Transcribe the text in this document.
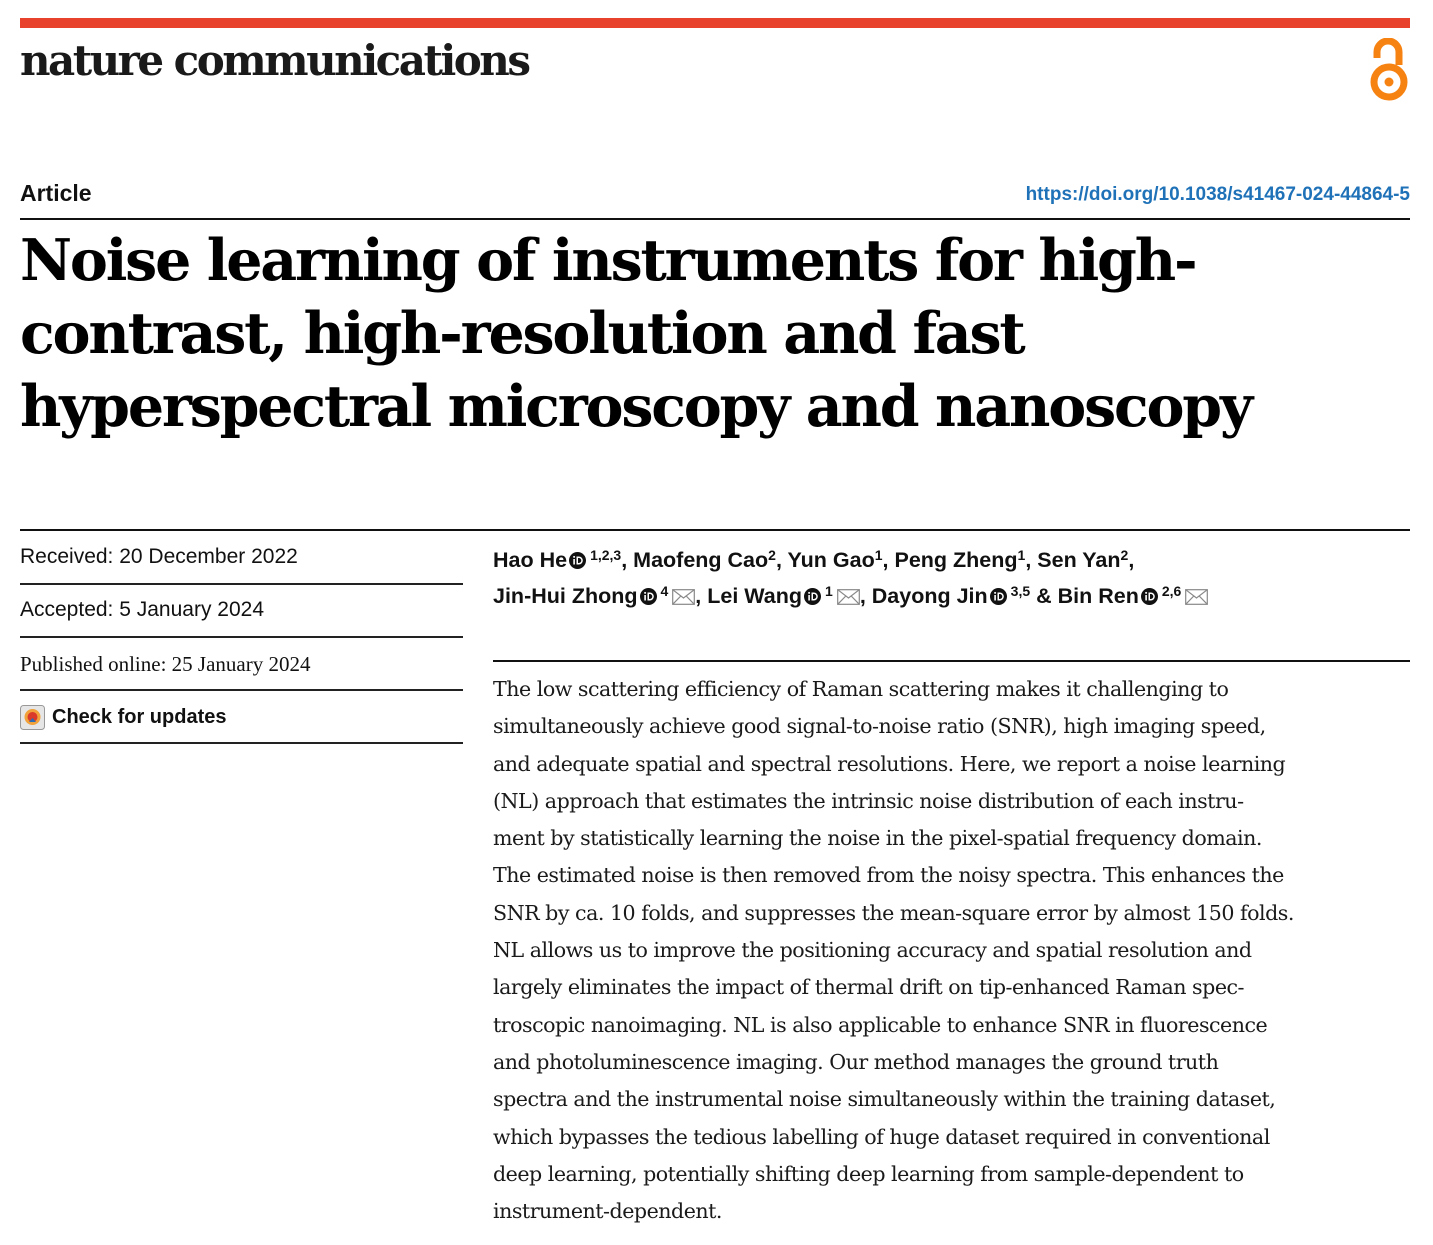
nature communications
Article	https://doi.org/10.1038/s41467-024-44864-5
Noise learning of instruments for high-
contrast, high-resolution and fast
hyperspectral microscopy and nanoscopy
Received: 20 December 2022
Accepted: 5 January 2024
Published online: 25 January 2024
Check for updates
Hao He $^{1,2,3}$, Maofeng Cao$^2$, Yun Gao$^1$, Peng Zheng$^1$, Sen Yan$^2$,
Jin-Hui Zhong $^4$ , Lei Wang $^1$ , Dayong Jin $^{3,5}$ & Bin Ren $^{2,6}$
The low scattering efficiency of Raman scattering makes it challenging to
simultaneously achieve good signal-to-noise ratio (SNR), high imaging speed,
and adequate spatial and spectral resolutions. Here, we report a noise learning
(NL) approach that estimates the intrinsic noise distribution of each instru-
ment by statistically learning the noise in the pixel-spatial frequency domain.
The estimated noise is then removed from the noisy spectra. This enhances the
SNR by ca. 10 folds, and suppresses the mean-square error by almost 150 folds.
NL allows us to improve the positioning accuracy and spatial resolution and
largely eliminates the impact of thermal drift on tip-enhanced Raman spec-
troscopic nanoimaging. NL is also applicable to enhance SNR in fluorescence
and photoluminescence imaging. Our method manages the ground truth
spectra and the instrumental noise simultaneously within the training dataset,
which bypasses the tedious labelling of huge dataset required in conventional
deep learning, potentially shifting deep learning from sample-dependent to
instrument-dependent.
